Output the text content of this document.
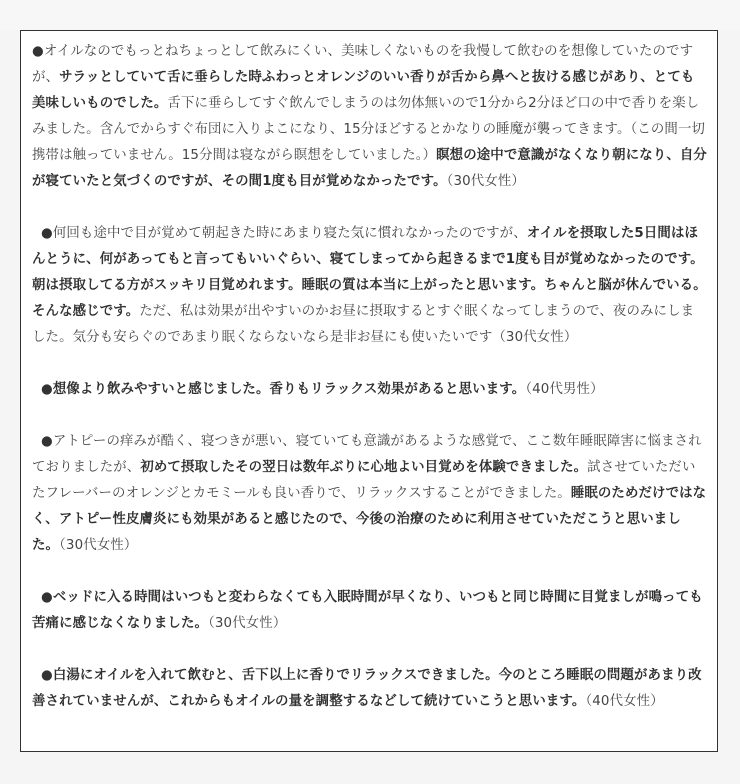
●オイルなのでもっとねちょっとして飲みにくい、美味しくないものを我慢して飲むのを想像していたのですが、サラッとしていて舌に垂らした時ふわっとオレンジのいい香りが舌から鼻へと抜ける感じがあり、とても美味しいものでした。舌下に垂らしてすぐ飲んでしまうのは勿体無いので1分から2分ほど口の中で香りを楽しみました。含んでからすぐ布団に入りよこになり、15分ほどするとかなりの睡魔が襲ってきます。（この間一切携帯は触っていません。15分間は寝ながら瞑想をしていました。）瞑想の途中で意識がなくなり朝になり、自分が寝ていたと気づくのですが、その間1度も目が覚めなかったです。（30代女性）

●何回も途中で目が覚めて朝起きた時にあまり寝た気に慣れなかったのですが、オイルを摂取した5日間はほんとうに、何があってもと言ってもいいぐらい、寝てしまってから起きるまで1度も目が覚めなかったのです。朝は摂取してる方がスッキリ目覚めれます。睡眠の質は本当に上がったと思います。ちゃんと脳が休んでいる。そんな感じです。ただ、私は効果が出やすいのかお昼に摂取するとすぐ眠くなってしまうので、夜のみにしました。気分も安らぐのであまり眠くならないなら是非お昼にも使いたいです（30代女性）

●想像より飲みやすいと感じました。香りもリラックス効果があると思います。（40代男性）

●アトピーの痒みが酷く、寝つきが悪い、寝ていても意識があるような感覚で、ここ数年睡眠障害に悩まされておりましたが、初めて摂取したその翌日は数年ぶりに心地よい目覚めを体験できました。試させていただいたフレーバーのオレンジとカモミールも良い香りで、リラックスすることができました。睡眠のためだけではなく、アトピー性皮膚炎にも効果があると感じたので、今後の治療のために利用させていただこうと思いました。（30代女性）

●ベッドに入る時間はいつもと変わらなくても入眠時間が早くなり、いつもと同じ時間に目覚ましが鳴っても苦痛に感じなくなりました。（30代女性）

●白湯にオイルを入れて飲むと、舌下以上に香りでリラックスできました。今のところ睡眠の問題があまり改善されていませんが、これからもオイルの量を調整するなどして続けていこうと思います。（40代女性）
